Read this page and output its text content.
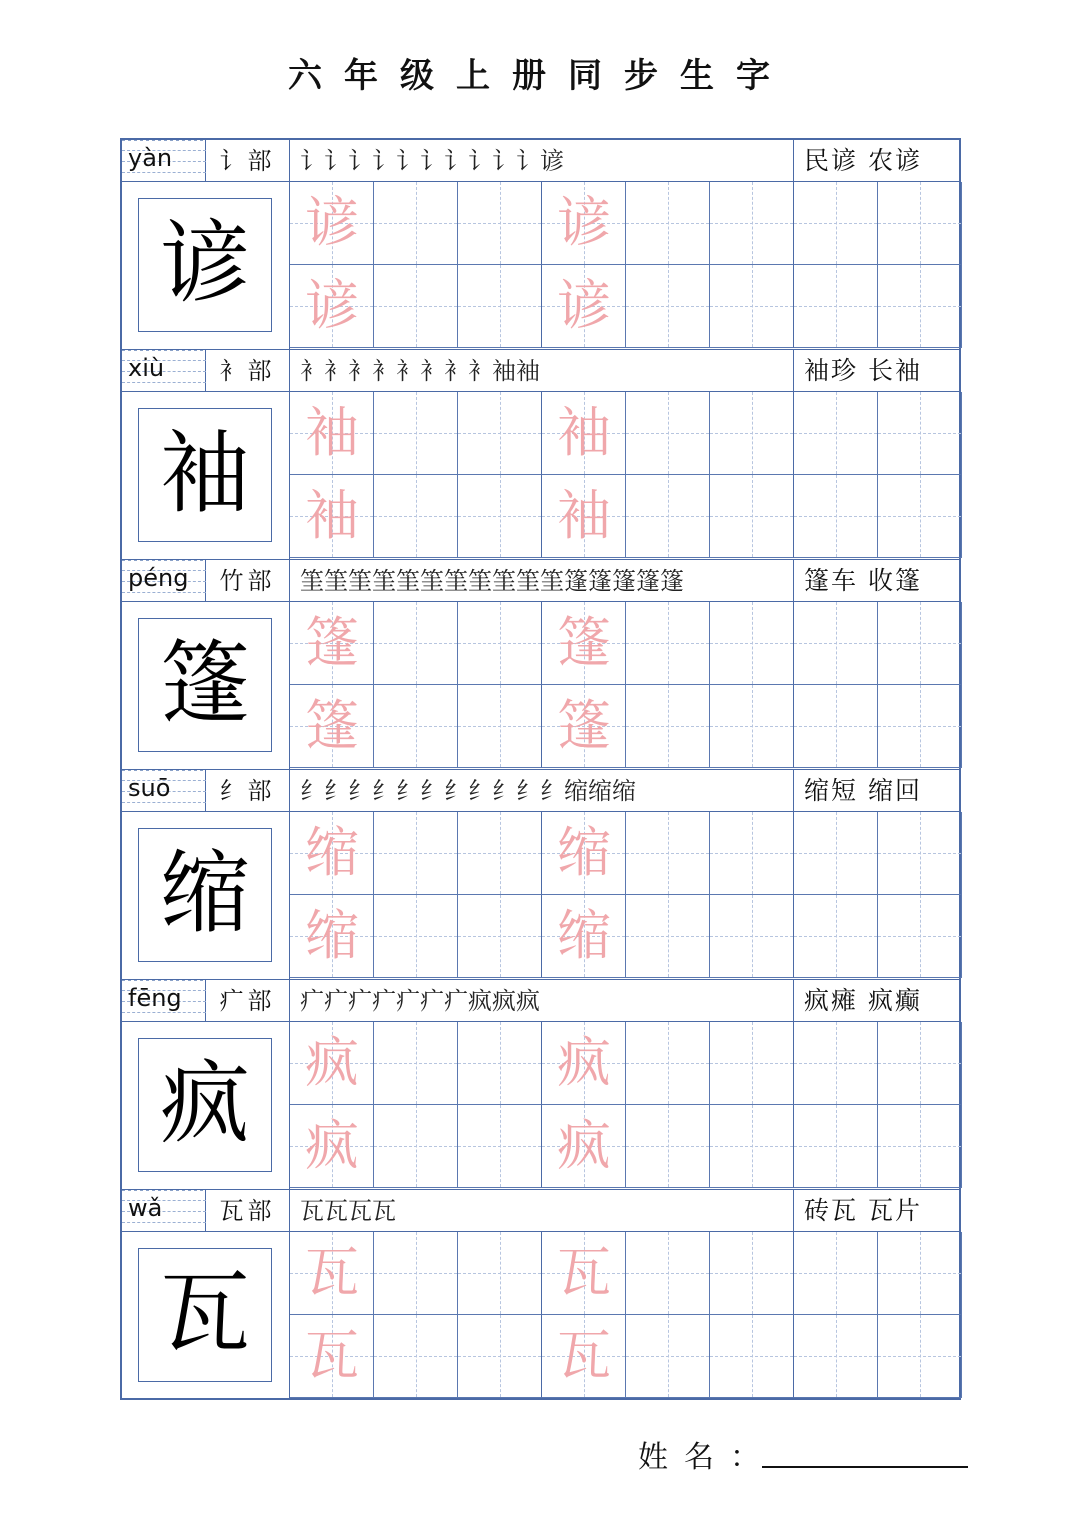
六年级上册同步生字
yàn	讠部	讠讠讠讠讠讠讠讠讠讠谚	民谚 农谚
谚	谚	谚
谚	谚
xiù	衤部	衤衤衤衤衤衤衤衤袖袖	袖珍 长袖
袖	袖	袖
袖	袖
péng	竹部	筀筀筀筀筀筀筀筀筀筀筀篷篷篷篷篷	篷车 收篷
篷	篷	篷
篷	篷
suō	纟部	纟纟纟纟纟纟纟纟纟纟纟缩缩缩	缩短 缩回
缩	缩	缩
缩	缩
fēng	疒部	疒疒疒疒疒疒疒疯疯疯	疯瘫 疯癫
疯	疯	疯
疯	疯
wǎ	瓦部	瓦瓦瓦瓦	砖瓦 瓦片
瓦	瓦	瓦
瓦	瓦
姓名：
